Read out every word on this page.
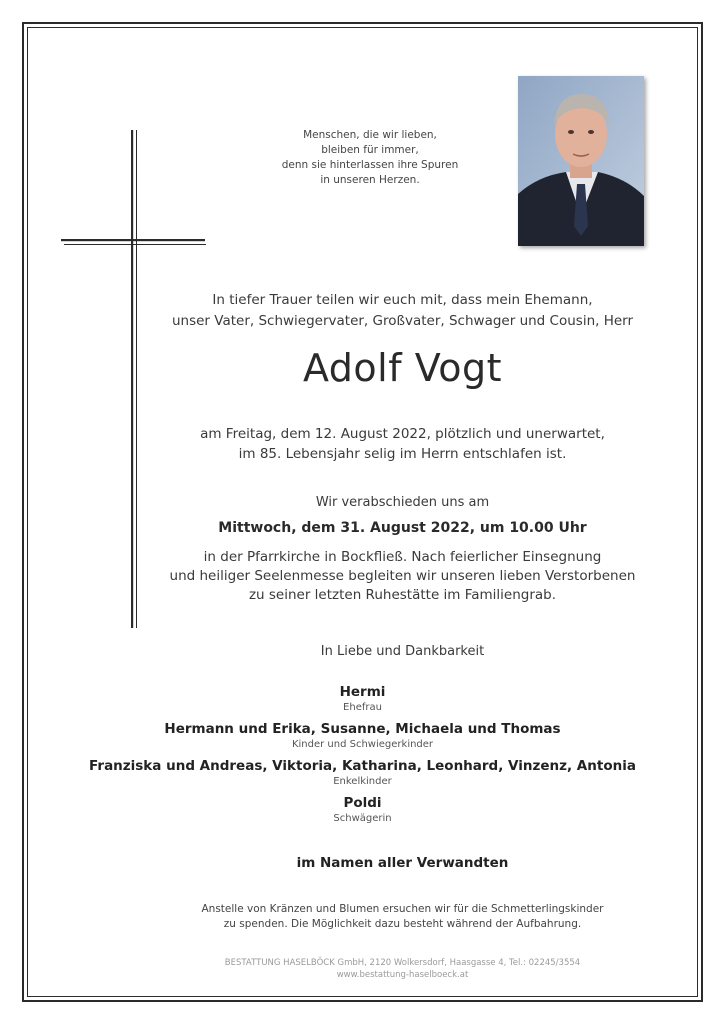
Menschen, die wir lieben,
bleiben für immer,
denn sie hinterlassen ihre Spuren
in unseren Herzen.
In tiefer Trauer teilen wir euch mit, dass mein Ehemann,
unser Vater, Schwiegervater, Großvater, Schwager und Cousin, Herr
Adolf Vogt
am Freitag, dem 12. August 2022, plötzlich und unerwartet,
im 85. Lebensjahr selig im Herrn entschlafen ist.
Wir verabschieden uns am
Mittwoch, dem 31. August 2022, um 10.00 Uhr
in der Pfarrkirche in Bockfließ. Nach feierlicher Einsegnung
und heiliger Seelenmesse begleiten wir unseren lieben Verstorbenen
zu seiner letzten Ruhestätte im Familiengrab.
In Liebe und Dankbarkeit
Hermi
Ehefrau
Hermann und Erika, Susanne, Michaela und Thomas
Kinder und Schwiegerkinder
Franziska und Andreas, Viktoria, Katharina, Leonhard, Vinzenz, Antonia
Enkelkinder
Poldi
Schwägerin
im Namen aller Verwandten
Anstelle von Kränzen und Blumen ersuchen wir für die Schmetterlingskinder
zu spenden. Die Möglichkeit dazu besteht während der Aufbahrung.
BESTATTUNG HASELBÖCK GmbH, 2120 Wolkersdorf, Haasgasse 4, Tel.: 02245/3554
www.bestattung-haselboeck.at
